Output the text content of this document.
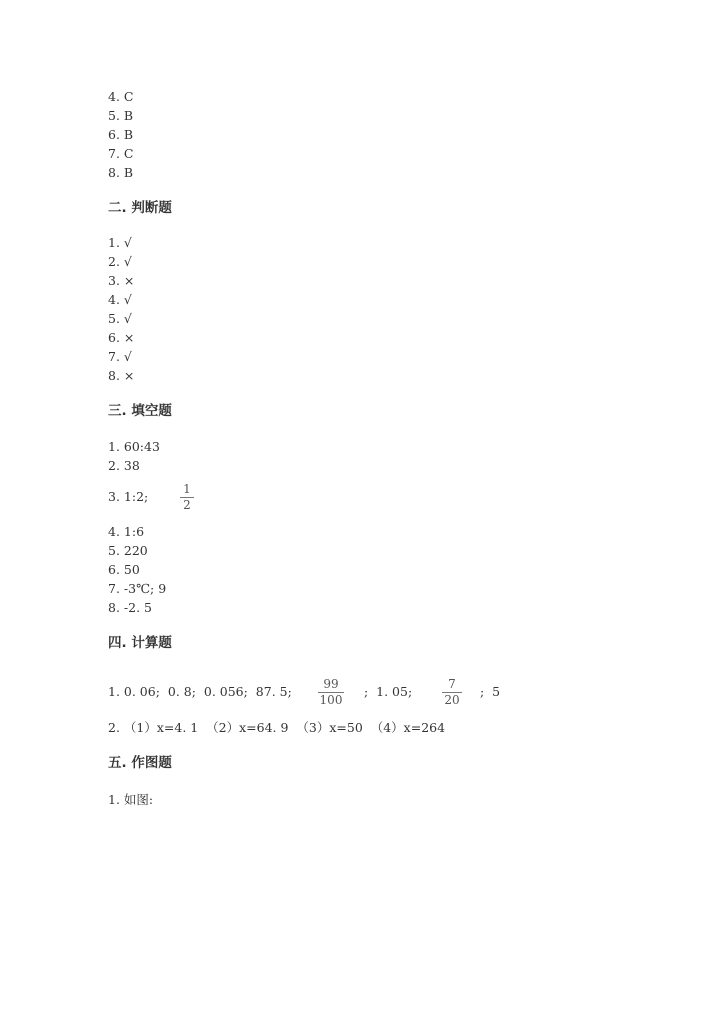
4. C
5. B
6. B
7. C
8. B
二. 判断题
1. √
2. √
3. ×
4. √
5. √
6. ×
7. √
8. ×
三. 填空题
1. 60:43
2. 38
3. 1:2;	1
2
4. 1:6
5. 220
6. 50
7. -3℃; 9
8. -2. 5
四. 计算题
1. 0. 06;  0. 8;  0. 056;  87. 5;	99
100
;  1. 05;	7
20
;  5
2. （1）x=4. 1  （2）x=64. 9  （3）x=50  （4）x=264
五. 作图题
1. 如图:
